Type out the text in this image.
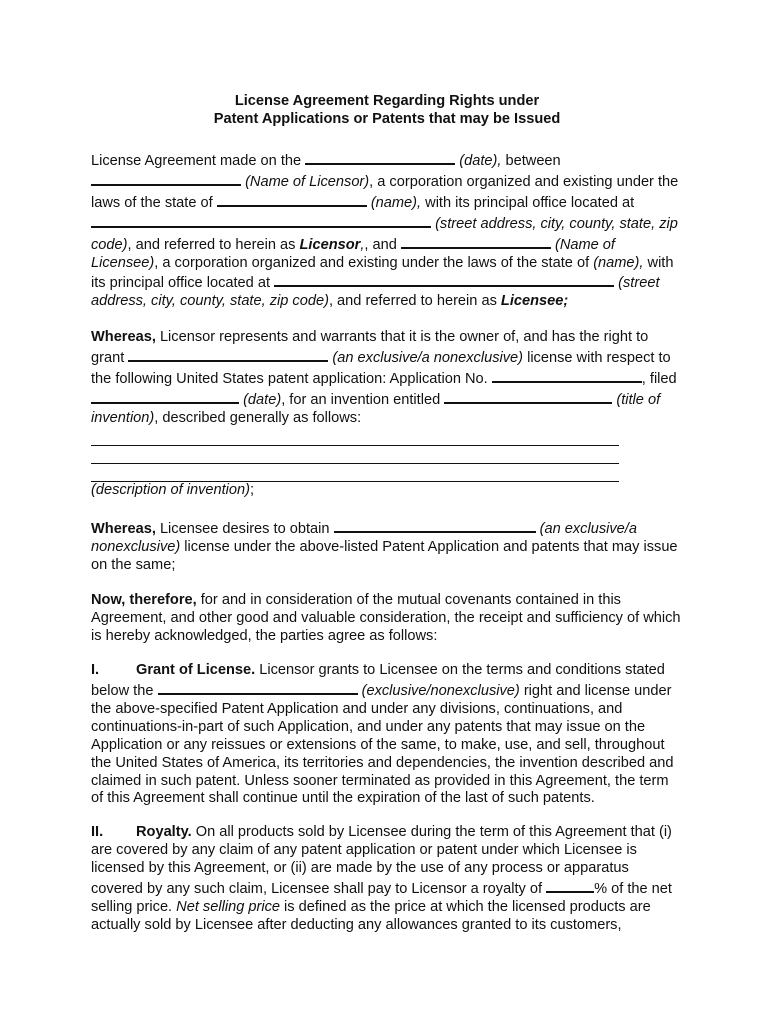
License Agreement Regarding Rights under
Patent Applications or Patents that may be Issued

License Agreement made on the	(date), between  (Name of Licensor), a corporation organized and existing under the laws of the state of	(name), with its principal office located at  (street address, city, county, state, zip code), and referred to herein as Licensor,, and	(Name of Licensee), a corporation organized and existing under the laws of the state of (name), with its principal office located at	(street address, city, county, state, zip code), and referred to herein as Licensee;

Whereas, Licensor represents and warrants that it is the owner of, and has the right to grant	(an exclusive/a nonexclusive) license with respect to the following United States patent application: Application No.	, filed  (date), for an invention entitled	(title of invention), described generally as follows:

(description of invention);

Whereas, Licensee desires to obtain	(an exclusive/a nonexclusive) license under the above-listed Patent Application and patents that may issue on the same;

Now, therefore, for and in consideration of the mutual covenants contained in this Agreement, and other good and valuable consideration, the receipt and sufficiency of which is hereby acknowledged, the parties agree as follows:

I.	Grant of License. Licensor grants to Licensee on the terms and conditions stated below the	(exclusive/nonexclusive) right and license under the above-specified Patent Application and under any divisions, continuations, and continuations-in-part of such Application, and under any patents that may issue on the Application or any reissues or extensions of the same, to make, use, and sell, throughout the United States of America, its territories and dependencies, the invention described and claimed in such patent. Unless sooner terminated as provided in this Agreement, the term of this Agreement shall continue until the expiration of the last of such patents.

II. Royalty. On all products sold by Licensee during the term of this Agreement that (i) are covered by any claim of any patent application or patent under which Licensee is licensed by this Agreement, or (ii) are made by the use of any process or apparatus covered by any such claim, Licensee shall pay to Licensor a royalty of	% of the net selling price. Net selling price is defined as the price at which the licensed products are actually sold by Licensee after deducting any allowances granted to its customers,
